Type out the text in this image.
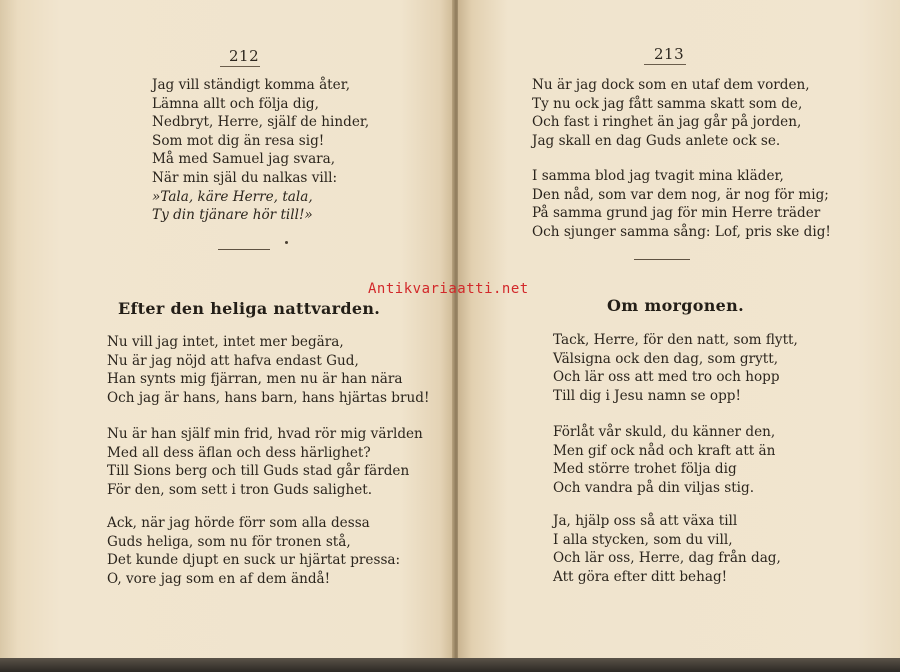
212
Jag vill ständigt komma åter,
Lämna allt och följa dig,
Nedbryt, Herre, själf de hinder,
Som mot dig än resa sig!
Må med Samuel jag svara,
När min själ du nalkas vill:
»Tala, käre Herre, tala,
Ty din tjänare hör till!»
Efter den heliga nattvarden.
Nu vill jag intet, intet mer begära,
Nu är jag nöjd att hafva endast Gud,
Han synts mig fjärran, men nu är han nära
Och jag är hans, hans barn, hans hjärtas brud!
Nu är han själf min frid, hvad rör mig världen
Med all dess äflan och dess härlighet?
Till Sions berg och till Guds stad går färden
För den, som sett i tron Guds salighet.
Ack, när jag hörde förr som alla dessa
Guds heliga, som nu för tronen stå,
Det kunde djupt en suck ur hjärtat pressa:
O, vore jag som en af dem ändå!
213
Nu är jag dock som en utaf dem vorden,
Ty nu ock jag fått samma skatt som de,
Och fast i ringhet än jag går på jorden,
Jag skall en dag Guds anlete ock se.
I samma blod jag tvagit mina kläder,
Den nåd, som var dem nog, är nog för mig;
På samma grund jag för min Herre träder
Och sjunger samma sång: Lof, pris ske dig!
Om morgonen.
Tack, Herre, för den natt, som flytt,
Välsigna ock den dag, som grytt,
Och lär oss att med tro och hopp
Till dig i Jesu namn se opp!
Förlåt vår skuld, du känner den,
Men gif ock nåd och kraft att än
Med större trohet följa dig
Och vandra på din viljas stig.
Ja, hjälp oss så att växa till
I alla stycken, som du vill,
Och lär oss, Herre, dag från dag,
Att göra efter ditt behag!
Antikvariaatti.net
